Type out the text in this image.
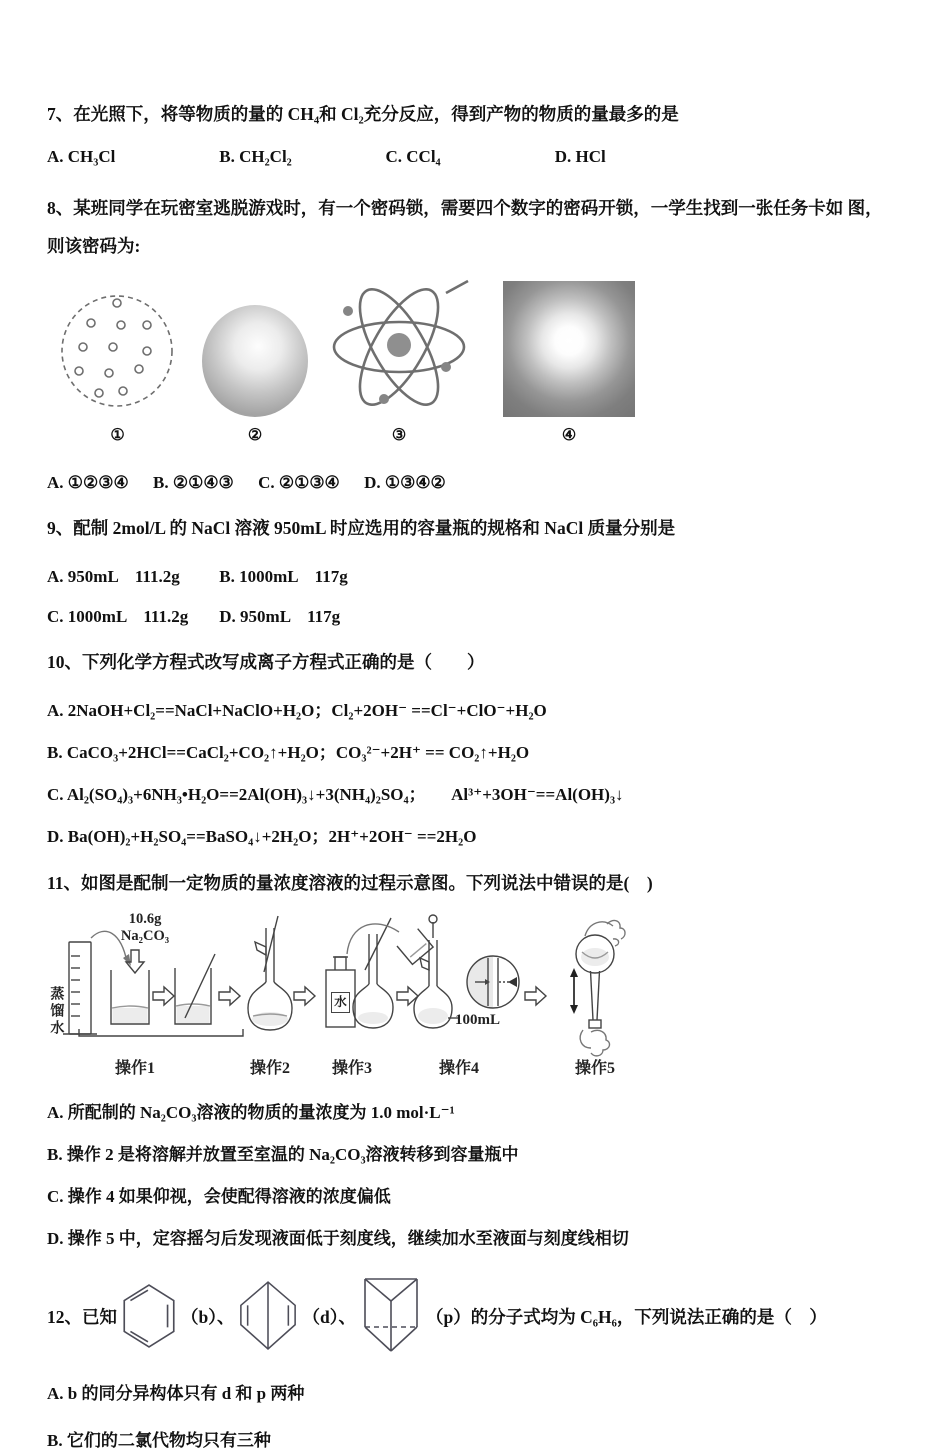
7、在光照下，将等物质的量的 CH₄和 Cl₂充分反应，得到产物的物质的量最多的是

A. CH₃Cl	B. CH₂Cl₂	C. CCl₄	D. HCl

8、某班同学在玩密室逃脱游戏时，有一个密码锁，需要四个数字的密码开锁，一学生找到一张任务卡如 图，则该密码为:

①	②	③	④

A. ①②③④ B. ②①④③ C. ②①③④ D. ①③④②

9、配制 2mol/L 的 NaCl 溶液 950mL 时应选用的容量瓶的规格和 NaCl 质量分别是

A. 950mL　111.2g B. 1000mL　117g

C. 1000mL　111.2g D. 950mL　117g

10、下列化学方程式改写成离子方程式正确的是（　　）

A. 2NaOH+Cl₂==NaCl+NaClO+H₂O；Cl₂+2OH⁻ ==Cl⁻+ClO⁻+H₂O

B. CaCO₃+2HCl==CaCl₂+CO₂↑+H₂O；CO₃²⁻+2H⁺ == CO₂↑+H₂O

C. Al₂(SO₄)₃+6NH₃•H₂O==2Al(OH)₃↓+3(NH₄)₂SO₄；　　Al³⁺+3OH⁻==Al(OH)₃↓

D. Ba(OH)₂+H₂SO₄==BaSO₄↓+2H₂O；2H⁺+2OH⁻ ==2H₂O

11、如图是配制一定物质的量浓度溶液的过程示意图。下列说法中错误的是(　)

蒸馏水
10.6g
Na₂CO₃
水
100mL
操作1	操作2	操作3	操作4	操作5

A. 所配制的 Na₂CO₃溶液的物质的量浓度为 1.0 mol·L⁻¹

B. 操作 2 是将溶解并放置至室温的 Na₂CO₃溶液转移到容量瓶中

C. 操作 4 如果仰视，会使配得溶液的浓度偏低

D. 操作 5 中，定容摇匀后发现液面低于刻度线，继续加水至液面与刻度线相切

12、已知	（b）、	（d）、	（p）的分子式均为 C₆H₆，下列说法正确的是（　）

A. b 的同分异构体只有 d 和 p 两种

B. 它们的二氯代物均只有三种
